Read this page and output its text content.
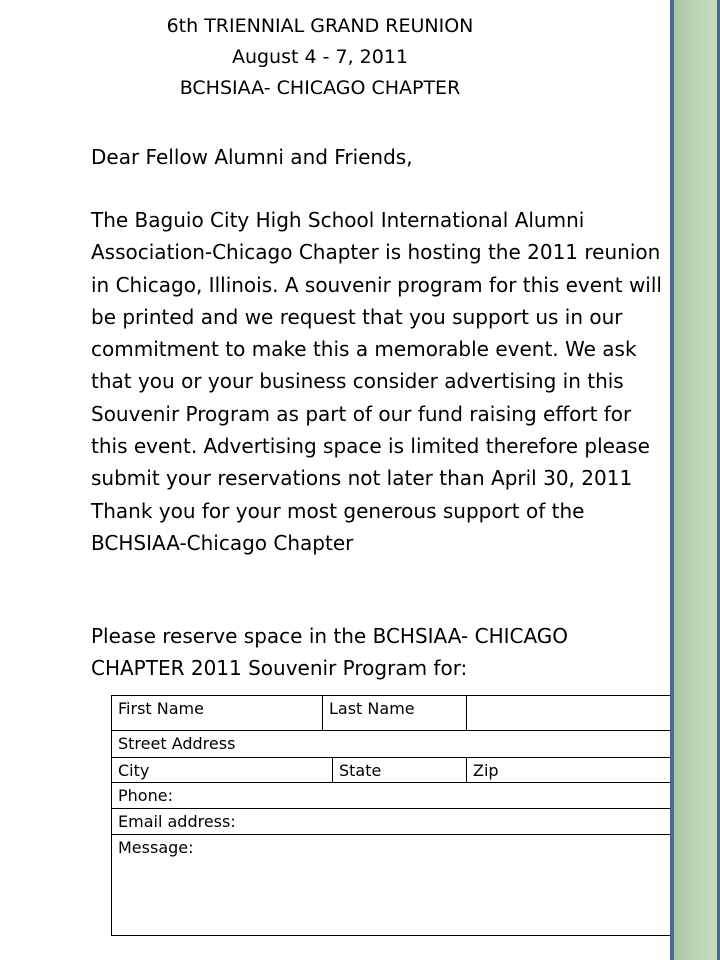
6th TRIENNIAL GRAND REUNION
August 4 - 7, 2011
BCHSIAA- CHICAGO CHAPTER

Dear Fellow Alumni and Friends,

The Baguio City High School International Alumni Association-Chicago Chapter is hosting the 2011 reunion in Chicago, Illinois. A souvenir program for this event will be printed and we request that you support us in our commitment to make this a memorable event. We ask that you or your business consider advertising in this Souvenir Program as part of our fund raising effort for this event. Advertising space is limited therefore please submit your reservations not later than April 30, 2011

Thank you for your most generous support of the BCHSIAA-Chicago Chapter

Please reserve space in the BCHSIAA- CHICAGO CHAPTER 2011 Souvenir Program for:

First Name	Last Name
Street Address
City	State	Zip
Phone:
Email address:
Message:
